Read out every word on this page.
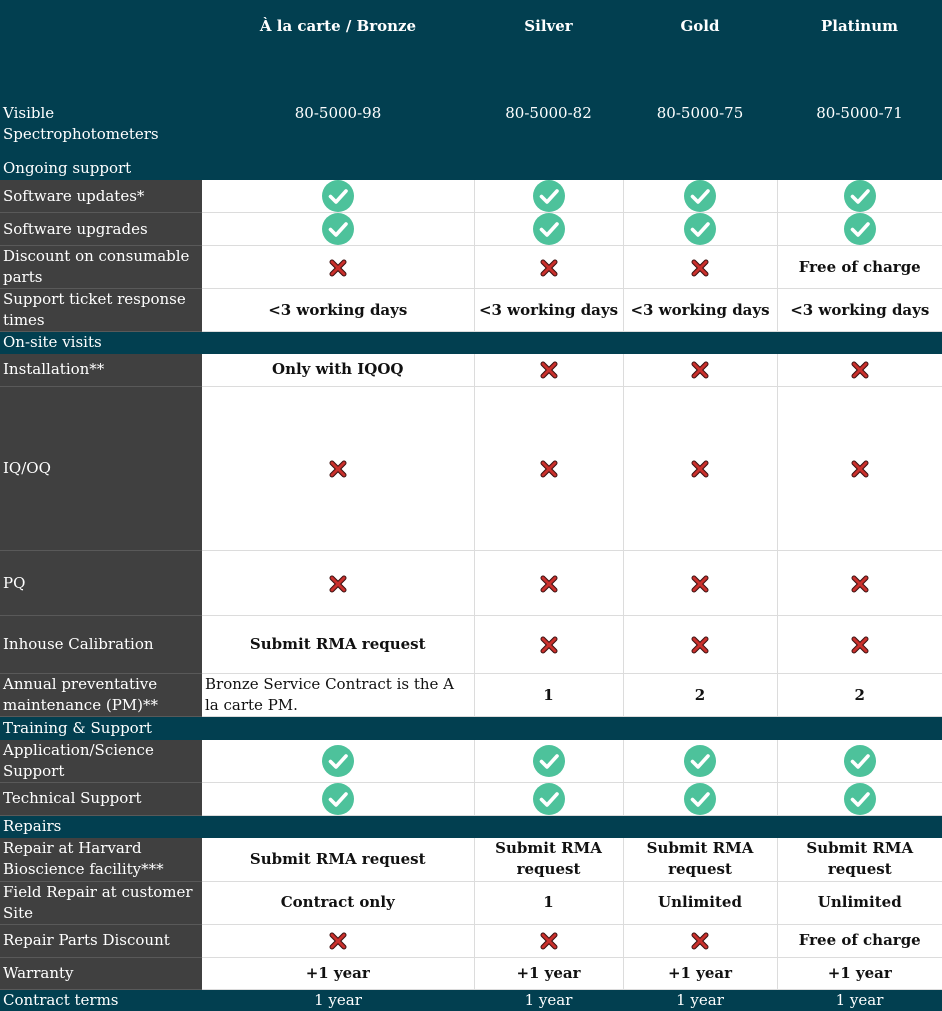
	À la carte / Bronze	Silver	Gold	Platinum
Visible Spectrophotometers	80-5000-98	80-5000-82	80-5000-75	80-5000-71
Ongoing support				
Software updates*	

Software upgrades	

Discount on consumable parts				Free of charge
Support ticket response times	<3 working days	<3 working days	<3 working days	<3 working days
On-site visits				
Installation**	Only with IQOQ	

IQ/OQ	

PQ	

Inhouse Calibration	Submit RMA request	

Annual preventative maintenance (PM)**	Bronze Service Contract is the A la carte PM.	1	2	2
Training & Support				
Application/Science Support	

Technical Support	

Repairs				
Repair at Harvard Bioscience facility***	Submit RMA request	Submit RMA request	Submit RMA request	Submit RMA request
Field Repair at customer Site	Contract only	1	Unlimited	Unlimited
Repair Parts Discount				Free of charge
Warranty	+1 year	+1 year	+1 year	+1 year
Contract terms	1 year	1 year	1 year	1 year
